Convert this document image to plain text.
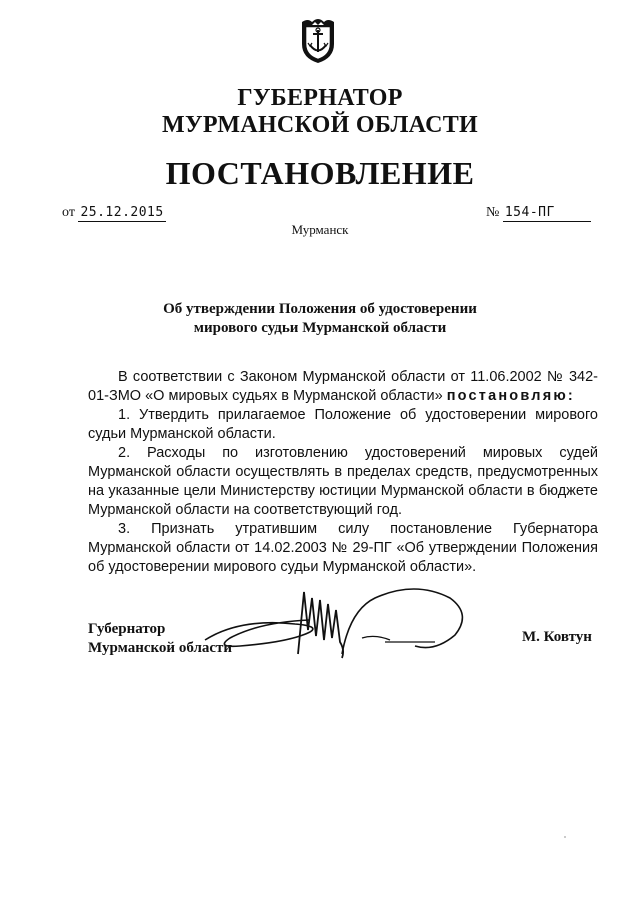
ГУБЕРНАТОР
МУРМАНСКОЙ ОБЛАСТИ
ПОСТАНОВЛЕНИЕ
от 25.12.2015	№ 154-ПГ
Мурманск
Об утверждении Положения об удостоверении
мирового судьи Мурманской области

В соответствии с Законом Мурманской области от 11.06.2002 № 342-01-ЗМО «О мировых судьях в Мурманской области» постановляю:

1. Утвердить прилагаемое Положение об удостоверении мирового судьи Мурманской области.

2. Расходы по изготовлению удостоверений мировых судей Мурманской области осуществлять в пределах средств, предусмотренных на указанные цели Министерству юстиции Мурманской области в бюджете Мурманской области на соответствующий год.

3. Признать утратившим силу постановление Губернатора Мурманской области от 14.02.2003 № 29-ПГ «Об утверждении Положения об удостоверении мирового судьи Мурманской области».

Губернатор
Мурманской области
М. Ковтун
